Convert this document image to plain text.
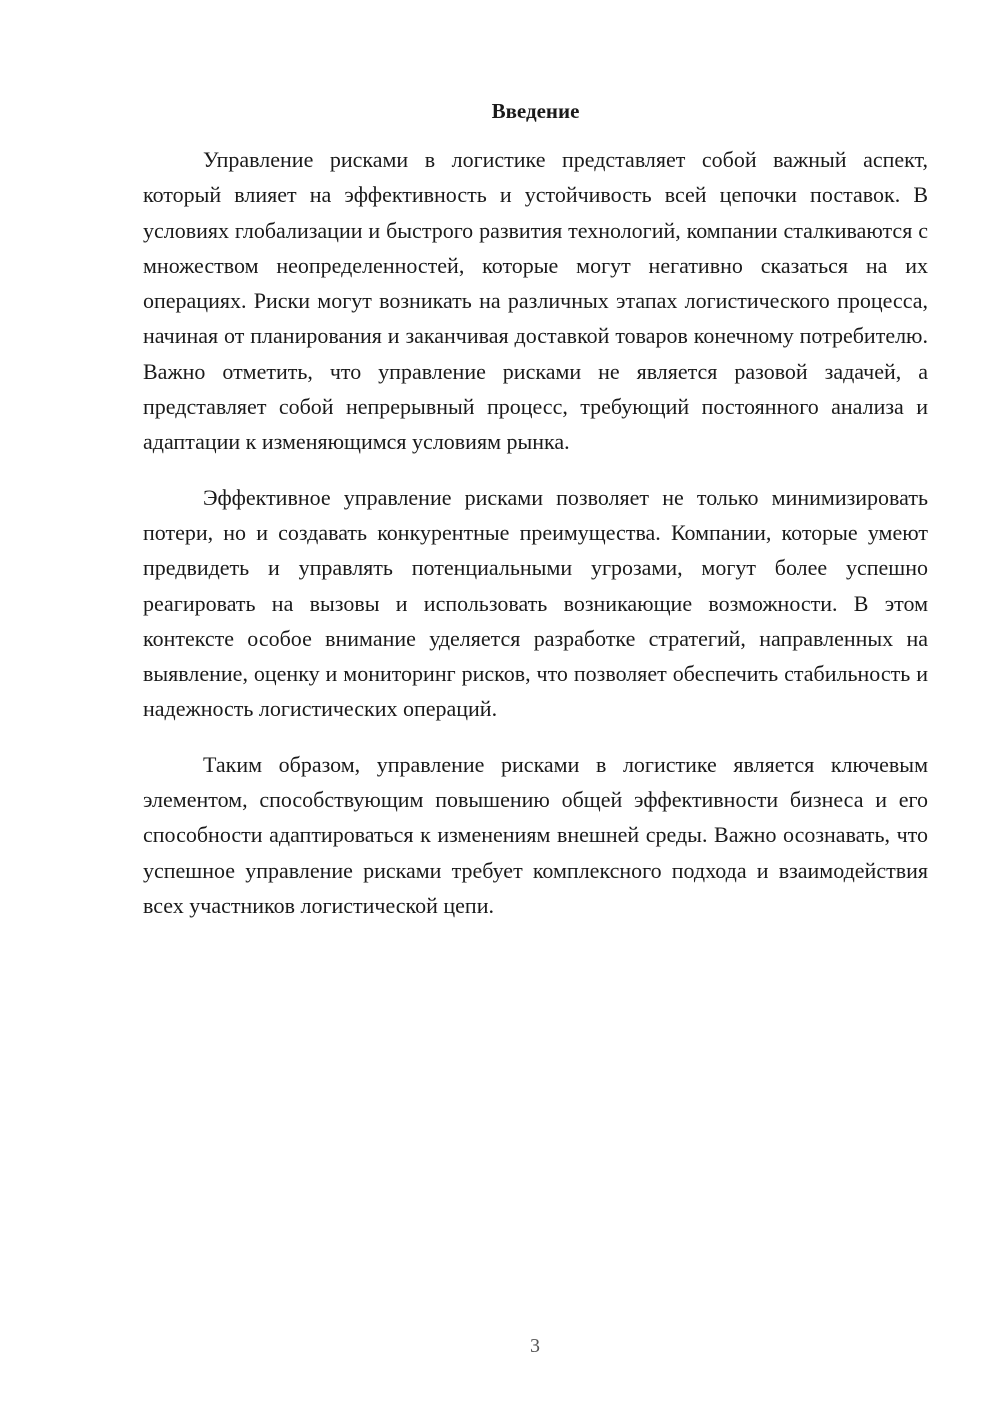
Введение

Управление рисками в логистике представляет собой важный аспект, который влияет на эффективность и устойчивость всей цепочки поставок. В условиях глобализации и быстрого развития технологий, компании сталкиваются с множеством неопределенностей, которые могут негативно сказаться на их операциях. Риски могут возникать на различных этапах логистического процесса, начиная от планирования и заканчивая доставкой товаров конечному потребителю. Важно отметить, что управление рисками не является разовой задачей, а представляет собой непрерывный процесс, требующий постоянного анализа и адаптации к изменяющимся условиям рынка.

Эффективное управление рисками позволяет не только минимизировать потери, но и создавать конкурентные преимущества. Компании, которые умеют предвидеть и управлять потенциальными угрозами, могут более успешно реагировать на вызовы и использовать возникающие возможности. В этом контексте особое внимание уделяется разработке стратегий, направленных на выявление, оценку и мониторинг рисков, что позволяет обеспечить стабильность и надежность логистических операций.

Таким образом, управление рисками в логистике является ключевым элементом, способствующим повышению общей эффективности бизнеса и его способности адаптироваться к изменениям внешней среды. Важно осознавать, что успешное управление рисками требует комплексного подхода и взаимодействия всех участников логистической цепи.

3
